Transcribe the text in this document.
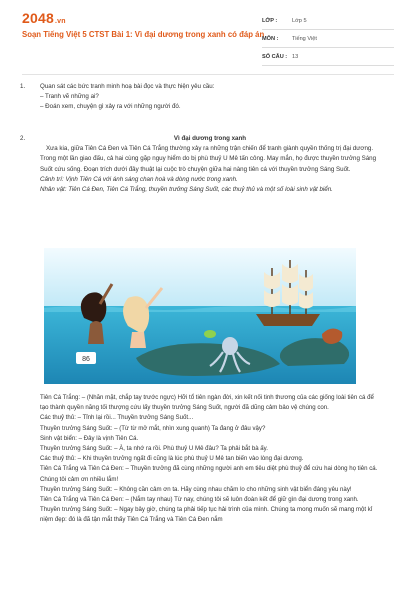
2048.vn
Soạn Tiếng Việt 5 CTST Bài 1: Vì đại dương trong xanh có đáp án
LỚP :	Lớp 5
MÔN :	Tiếng Việt
SỐ CÂU : 13
1. Quan sát các bức tranh minh hoạ bài đọc và thực hiện yêu cầu:

– Tranh vẽ những ai?

– Đoán xem, chuyện gì xảy ra với những người đó.

2.	Vì đại dương trong xanh

Xưa kia, giữa Tiên Cá Đen và Tiên Cá Trắng thường xảy ra những trận chiến để tranh giành quyền thống trị đại dương. Trong một lần giao đấu, cả hai cùng gặp nguy hiểm do bị phù thuỷ U Mê tấn công. May mắn, họ được thuyền trưởng Sáng Suốt cứu sống. Đoạn trích dưới đây thuật lại cuộc trò chuyện giữa hai nàng tiên cá với thuyền trưởng Sáng Suốt.

Cảnh trí: Vịnh Tiên Cá với ánh sáng chan hoà và dòng nước trong xanh.

Nhân vật: Tiên Cá Đen, Tiên Cá Trắng, thuyền trưởng Sáng Suốt, các thuỷ thủ và một số loài sinh vật biển.

86

Tiên Cá Trắng: – (Nhăn mặt, chắp tay trước ngực) Hỡi tổ tiên ngàn đời, xin kết nối tinh thương của các giống loài tiên cá để tạo thành quyền năng tối thượng cứu lấy thuyền trưởng Sáng Suốt, người đã dũng cảm bảo vệ chúng con.

Các thuỷ thủ: – Tỉnh lại rồi... Thuyền trưởng Sáng Suốt...

Thuyền trưởng Sáng Suốt: – (Từ từ mở mắt, nhìn xung quanh) Ta đang ở đâu vậy?

Sinh vật biển: – Đây là vịnh Tiên Cá.

Thuyền trưởng Sáng Suốt: – À, ta nhớ ra rồi. Phù thuỷ U Mê đâu? Ta phải bắt bà ấy.

Các thuỷ thủ: – Khi thuyền trưởng ngất đi cũng là lúc phù thuỷ U Mê tan biến vào lòng đại dương.

Tiên Cá Trắng và Tiên Cá Đen: – Thuyền trưởng đã cùng những người anh em tiêu diệt phù thuỷ để cứu hai dòng họ tiên cá. Chúng tôi cảm ơn nhiều lắm!

Thuyền trưởng Sáng Suốt: – Không cần cảm ơn ta. Hãy cùng nhau chăm lo cho những sinh vật biển đáng yêu này!

Tiên Cá Trắng và Tiên Cá Đen: – (Nắm tay nhau) Từ nay, chúng tôi sẽ luôn đoàn kết để giữ gìn đại dương trong xanh.

Thuyền trưởng Sáng Suốt: – Ngay bây giờ, chúng ta phải tiếp tục hải trình của mình. Chúng ta mong muốn sẽ mang một kỉ niệm đẹp: đó là đã tận mắt thấy Tiên Cá Trắng và Tiên Cá Đen nắm
